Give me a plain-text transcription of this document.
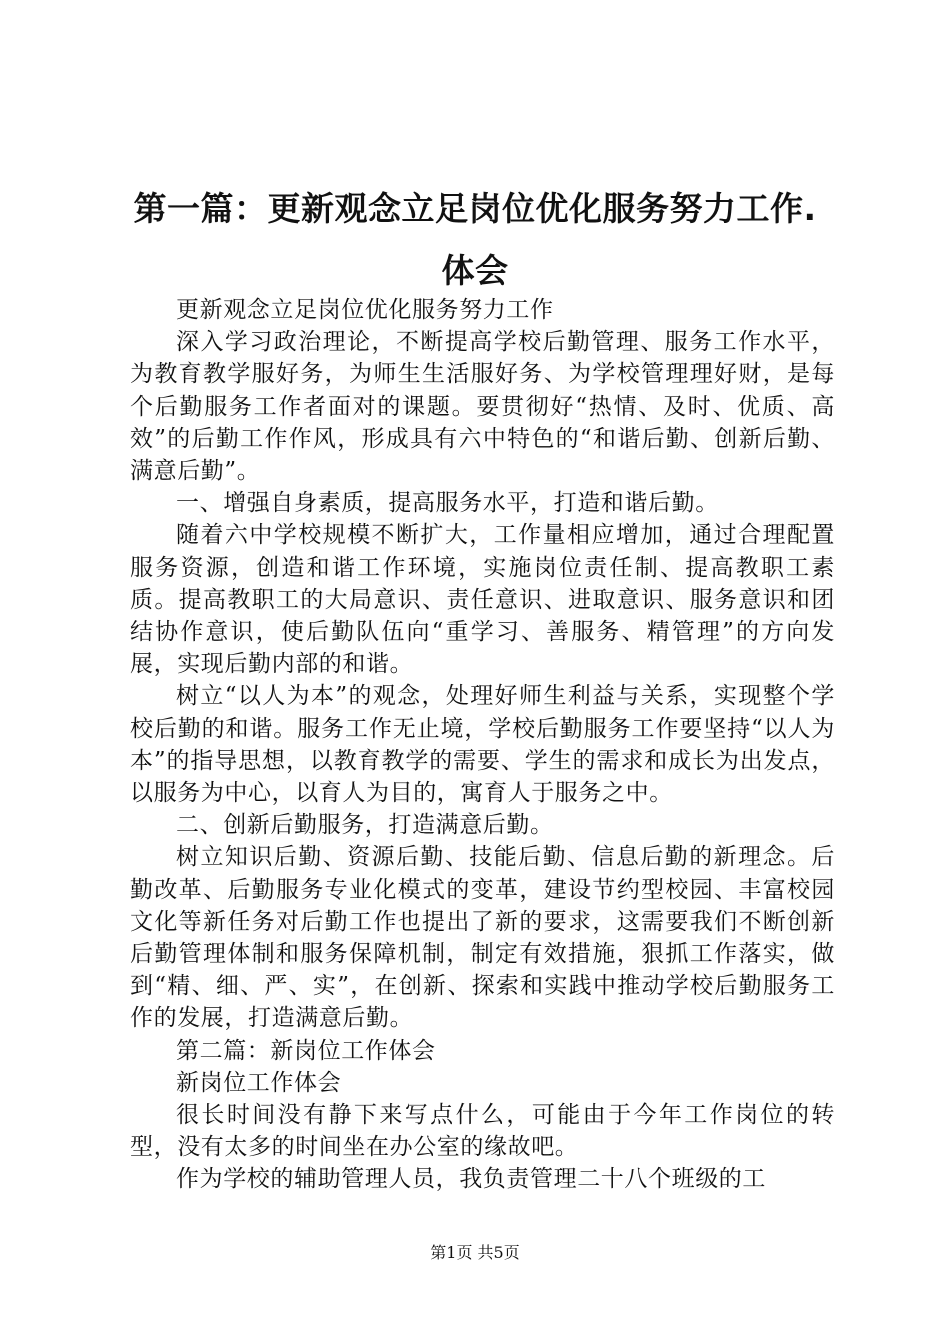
第一篇：更新观念立足岗位优化服务努力工作.体会

更新观念立足岗位优化服务努力工作

深入学习政治理论，不断提高学校后勤管理、服务工作水平，为教育教学服好务，为师生生活服好务、为学校管理理好财，是每个后勤服务工作者面对的课题。要贯彻好“热情、及时、优质、高效”的后勤工作作风，形成具有六中特色的“和谐后勤、创新后勤、满意后勤”。

一、增强自身素质，提高服务水平，打造和谐后勤。

随着六中学校规模不断扩大，工作量相应增加，通过合理配置服务资源，创造和谐工作环境，实施岗位责任制、提高教职工素质。提高教职工的大局意识、责任意识、进取意识、服务意识和团结协作意识，使后勤队伍向“重学习、善服务、精管理”的方向发展，实现后勤内部的和谐。

树立“以人为本”的观念，处理好师生利益与关系，实现整个学校后勤的和谐。服务工作无止境，学校后勤服务工作要坚持“以人为本”的指导思想，以教育教学的需要、学生的需求和成长为出发点，以服务为中心，以育人为目的，寓育人于服务之中。

二、创新后勤服务，打造满意后勤。

树立知识后勤、资源后勤、技能后勤、信息后勤的新理念。后勤改革、后勤服务专业化模式的变革，建设节约型校园、丰富校园文化等新任务对后勤工作也提出了新的要求，这需要我们不断创新后勤管理体制和服务保障机制，制定有效措施，狠抓工作落实，做到“精、细、严、实”，在创新、探索和实践中推动学校后勤服务工作的发展，打造满意后勤。

第二篇：新岗位工作体会

新岗位工作体会

很长时间没有静下来写点什么，可能由于今年工作岗位的转型，没有太多的时间坐在办公室的缘故吧。

作为学校的辅助管理人员，我负责管理二十八个班级的工

第1页 共5页
